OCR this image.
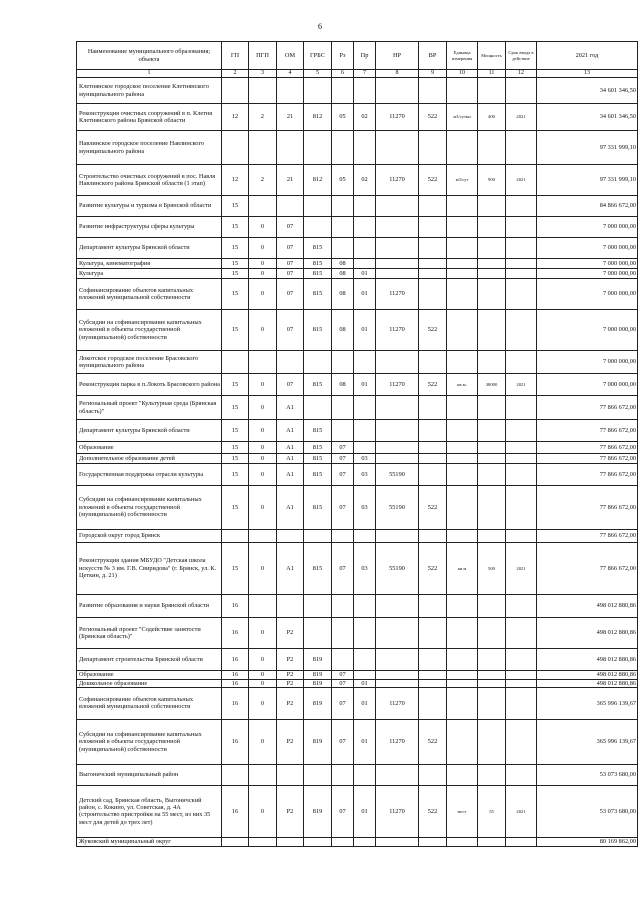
6
Наименование муниципального образования; объекта	ГП	ПГП	ОМ	ГРБС	Рз	Пр	НР	ВР	Единица измерения	Мощность	Срок ввода в действие	2021 год
1	2	3	4	5	6	7	8	9	10	11	12	13
Клетнянское городское поселение Клетнянского муниципального района												34 601 346,50
Реконструкция очистных сооружений в п. Клетня Клетнянского района Брянской области	12	2	21	812	05	02	11270	522	м3/сутки	400	2021	34 601 346,50
Навлинское городское поселение Навлинского муниципального района												97 331 999,10
Строительство очистных сооружений в пос. Навля Навлинского района Брянской области (1 этап)	12	2	21	812	05	02	11270	522	м3/сут	900	2021	97 331 999,10
Развитие культуры и туризма в Брянской области	15											84 866 672,00
Развитие инфраструктуры сферы культуры	15	0	07									7 000 000,00
Департамент культуры Брянской области	15	0	07	815								7 000 000,00
Культура, кинематография	15	0	07	815	08							7 000 000,00
Культура	15	0	07	815	08	01						7 000 000,00
Софинансирование объектов капитальных вложений муниципальной собственности	15	0	07	815	08	01	11270					7 000 000,00
Субсидии на софинансирование капитальных вложений в объекты государственной (муниципальной) собственности	15	0	07	815	08	01	11270	522				7 000 000,00
Локотское городское поселение Брасовского муниципального района												7 000 000,00
Реконструкция парка в п.Локоть Брасовского района	15	0	07	815	08	01	11270	522	кв.м.	38000	2021	7 000 000,00
Региональный проект "Культурная среда (Брянская область)"	15	0	A1									77 866 672,00
Департамент культуры Брянской области	15	0	A1	815								77 866 672,00
Образование	15	0	A1	815	07							77 866 672,00
Дополнительное образование детей	15	0	A1	815	07	03						77 866 672,00
Государственная поддержка отрасли культуры	15	0	A1	815	07	03	55190					77 866 672,00
Субсидии на софинансирование капитальных вложений в объекты государственной (муниципальной) собственности	15	0	A1	815	07	03	55190	522				77 866 672,00
Городской округ город Брянск												77 866 672,00
Реконструкция здания МБУДО "Детская школа искусств № 3 им. Г.В. Свиридова" (г. Брянск, ул. К. Цеткин, д. 21)	15	0	A1	815	07	03	55190	522	кв.м	500	2021	77 866 672,00
Развитие образования и науки Брянской области	16											498 012 880,86
Региональный проект "Содействие занятости (Брянская область)"	16	0	P2									498 012 880,86
Департамент строительства Брянской области	16	0	P2	819								498 012 880,86
Образование	16	0	P2	819	07							498 012 880,86
Дошкольное образование	16	0	P2	819	07	01						498 012 880,86
Софинансирование объектов капитальных вложений муниципальной собственности	16	0	P2	819	07	01	11270					365 996 139,67
Субсидии на софинансирование капитальных вложений в объекты государственной (муниципальной) собственности	16	0	P2	819	07	01	11270	522				365 996 139,67
Выгоничский муниципальный район												53 073 680,00
Детский сад, Брянская область, Выгоничский район, с. Кокино, ул. Советская, д. 4А (строительство пристройки на 55 мест, из них 35 мест для детей до трех лет)	16	0	P2	819	07	01	11270	522	мест	55	2021	53 073 680,00
Жуковский муниципальный округ												80 169 862,00
